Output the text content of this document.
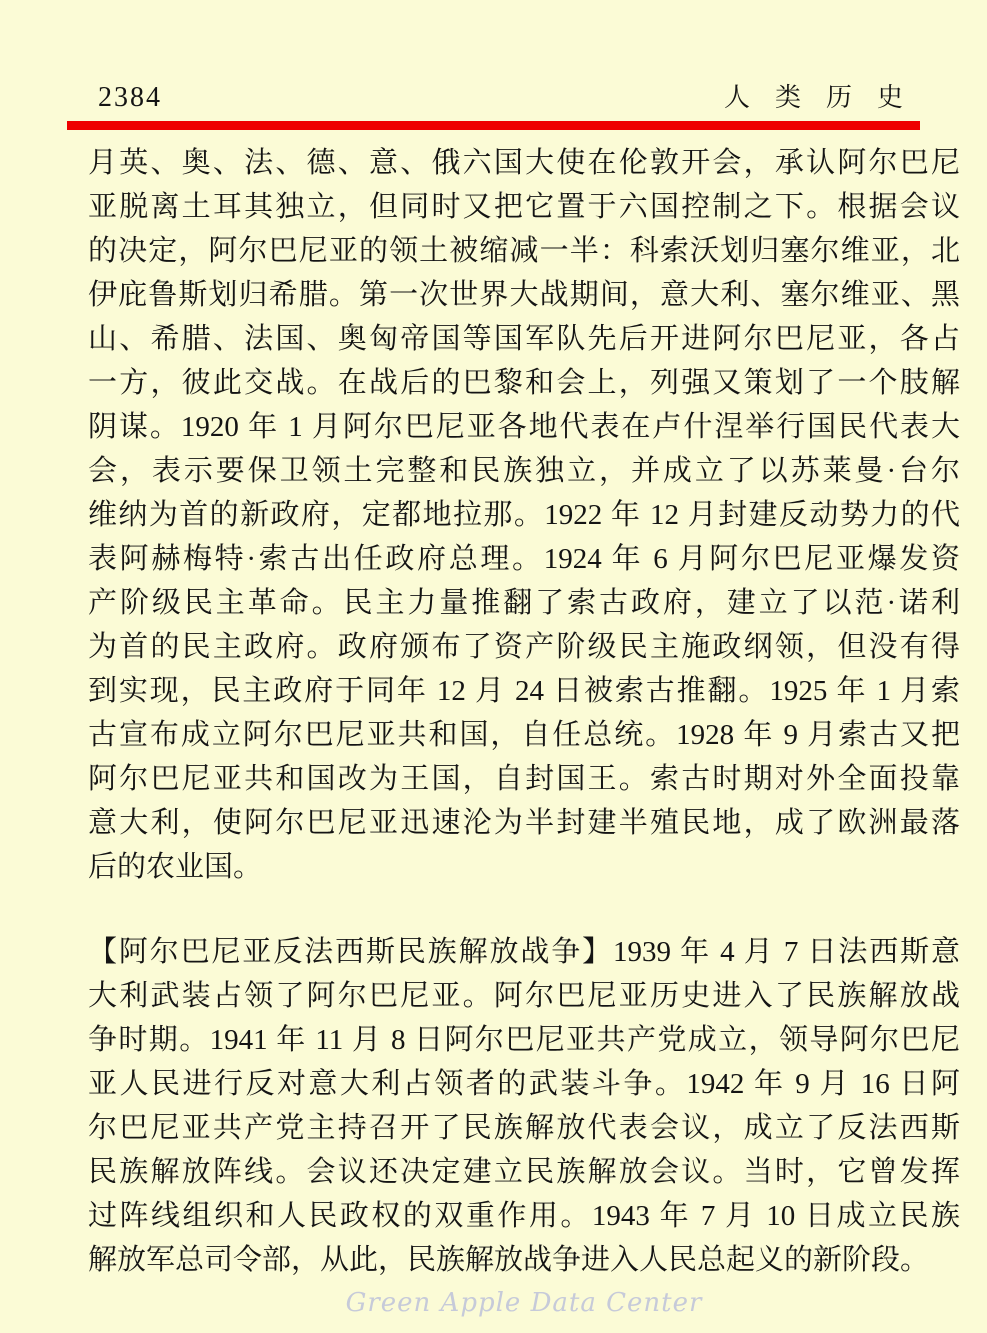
2384	人  类  历  史
月英、奥、法、德、意、俄六国大使在伦敦开会，承认阿尔巴尼
亚脱离土耳其独立，但同时又把它置于六国控制之下。根据会议
的决定，阿尔巴尼亚的领土被缩减一半：科索沃划归塞尔维亚，北
伊庇鲁斯划归希腊。第一次世界大战期间，意大利、塞尔维亚、黑
山、希腊、法国、奥匈帝国等国军队先后开进阿尔巴尼亚，各占
一方，彼此交战。在战后的巴黎和会上，列强又策划了一个肢解
阴谋。1920 年 1 月阿尔巴尼亚各地代表在卢什涅举行国民代表大
会，表示要保卫领土完整和民族独立，并成立了以苏莱曼·台尔
维纳为首的新政府，定都地拉那。1922 年 12 月封建反动势力的代
表阿赫梅特·索古出任政府总理。1924 年 6 月阿尔巴尼亚爆发资
产阶级民主革命。民主力量推翻了索古政府，建立了以范·诺利
为首的民主政府。政府颁布了资产阶级民主施政纲领，但没有得
到实现，民主政府于同年 12 月 24 日被索古推翻。1925 年 1 月索
古宣布成立阿尔巴尼亚共和国，自任总统。1928 年 9 月索古又把
阿尔巴尼亚共和国改为王国，自封国王。索古时期对外全面投靠
意大利，使阿尔巴尼亚迅速沦为半封建半殖民地，成了欧洲最落
后的农业国。
【阿尔巴尼亚反法西斯民族解放战争】1939 年 4 月 7 日法西斯意
大利武装占领了阿尔巴尼亚。阿尔巴尼亚历史进入了民族解放战
争时期。1941 年 11 月 8 日阿尔巴尼亚共产党成立，领导阿尔巴尼
亚人民进行反对意大利占领者的武装斗争。1942 年 9 月 16 日阿
尔巴尼亚共产党主持召开了民族解放代表会议，成立了反法西斯
民族解放阵线。会议还决定建立民族解放会议。当时，它曾发挥
过阵线组织和人民政权的双重作用。1943 年 7 月 10 日成立民族
解放军总司令部，从此，民族解放战争进入人民总起义的新阶段。
Green Apple Data Center
